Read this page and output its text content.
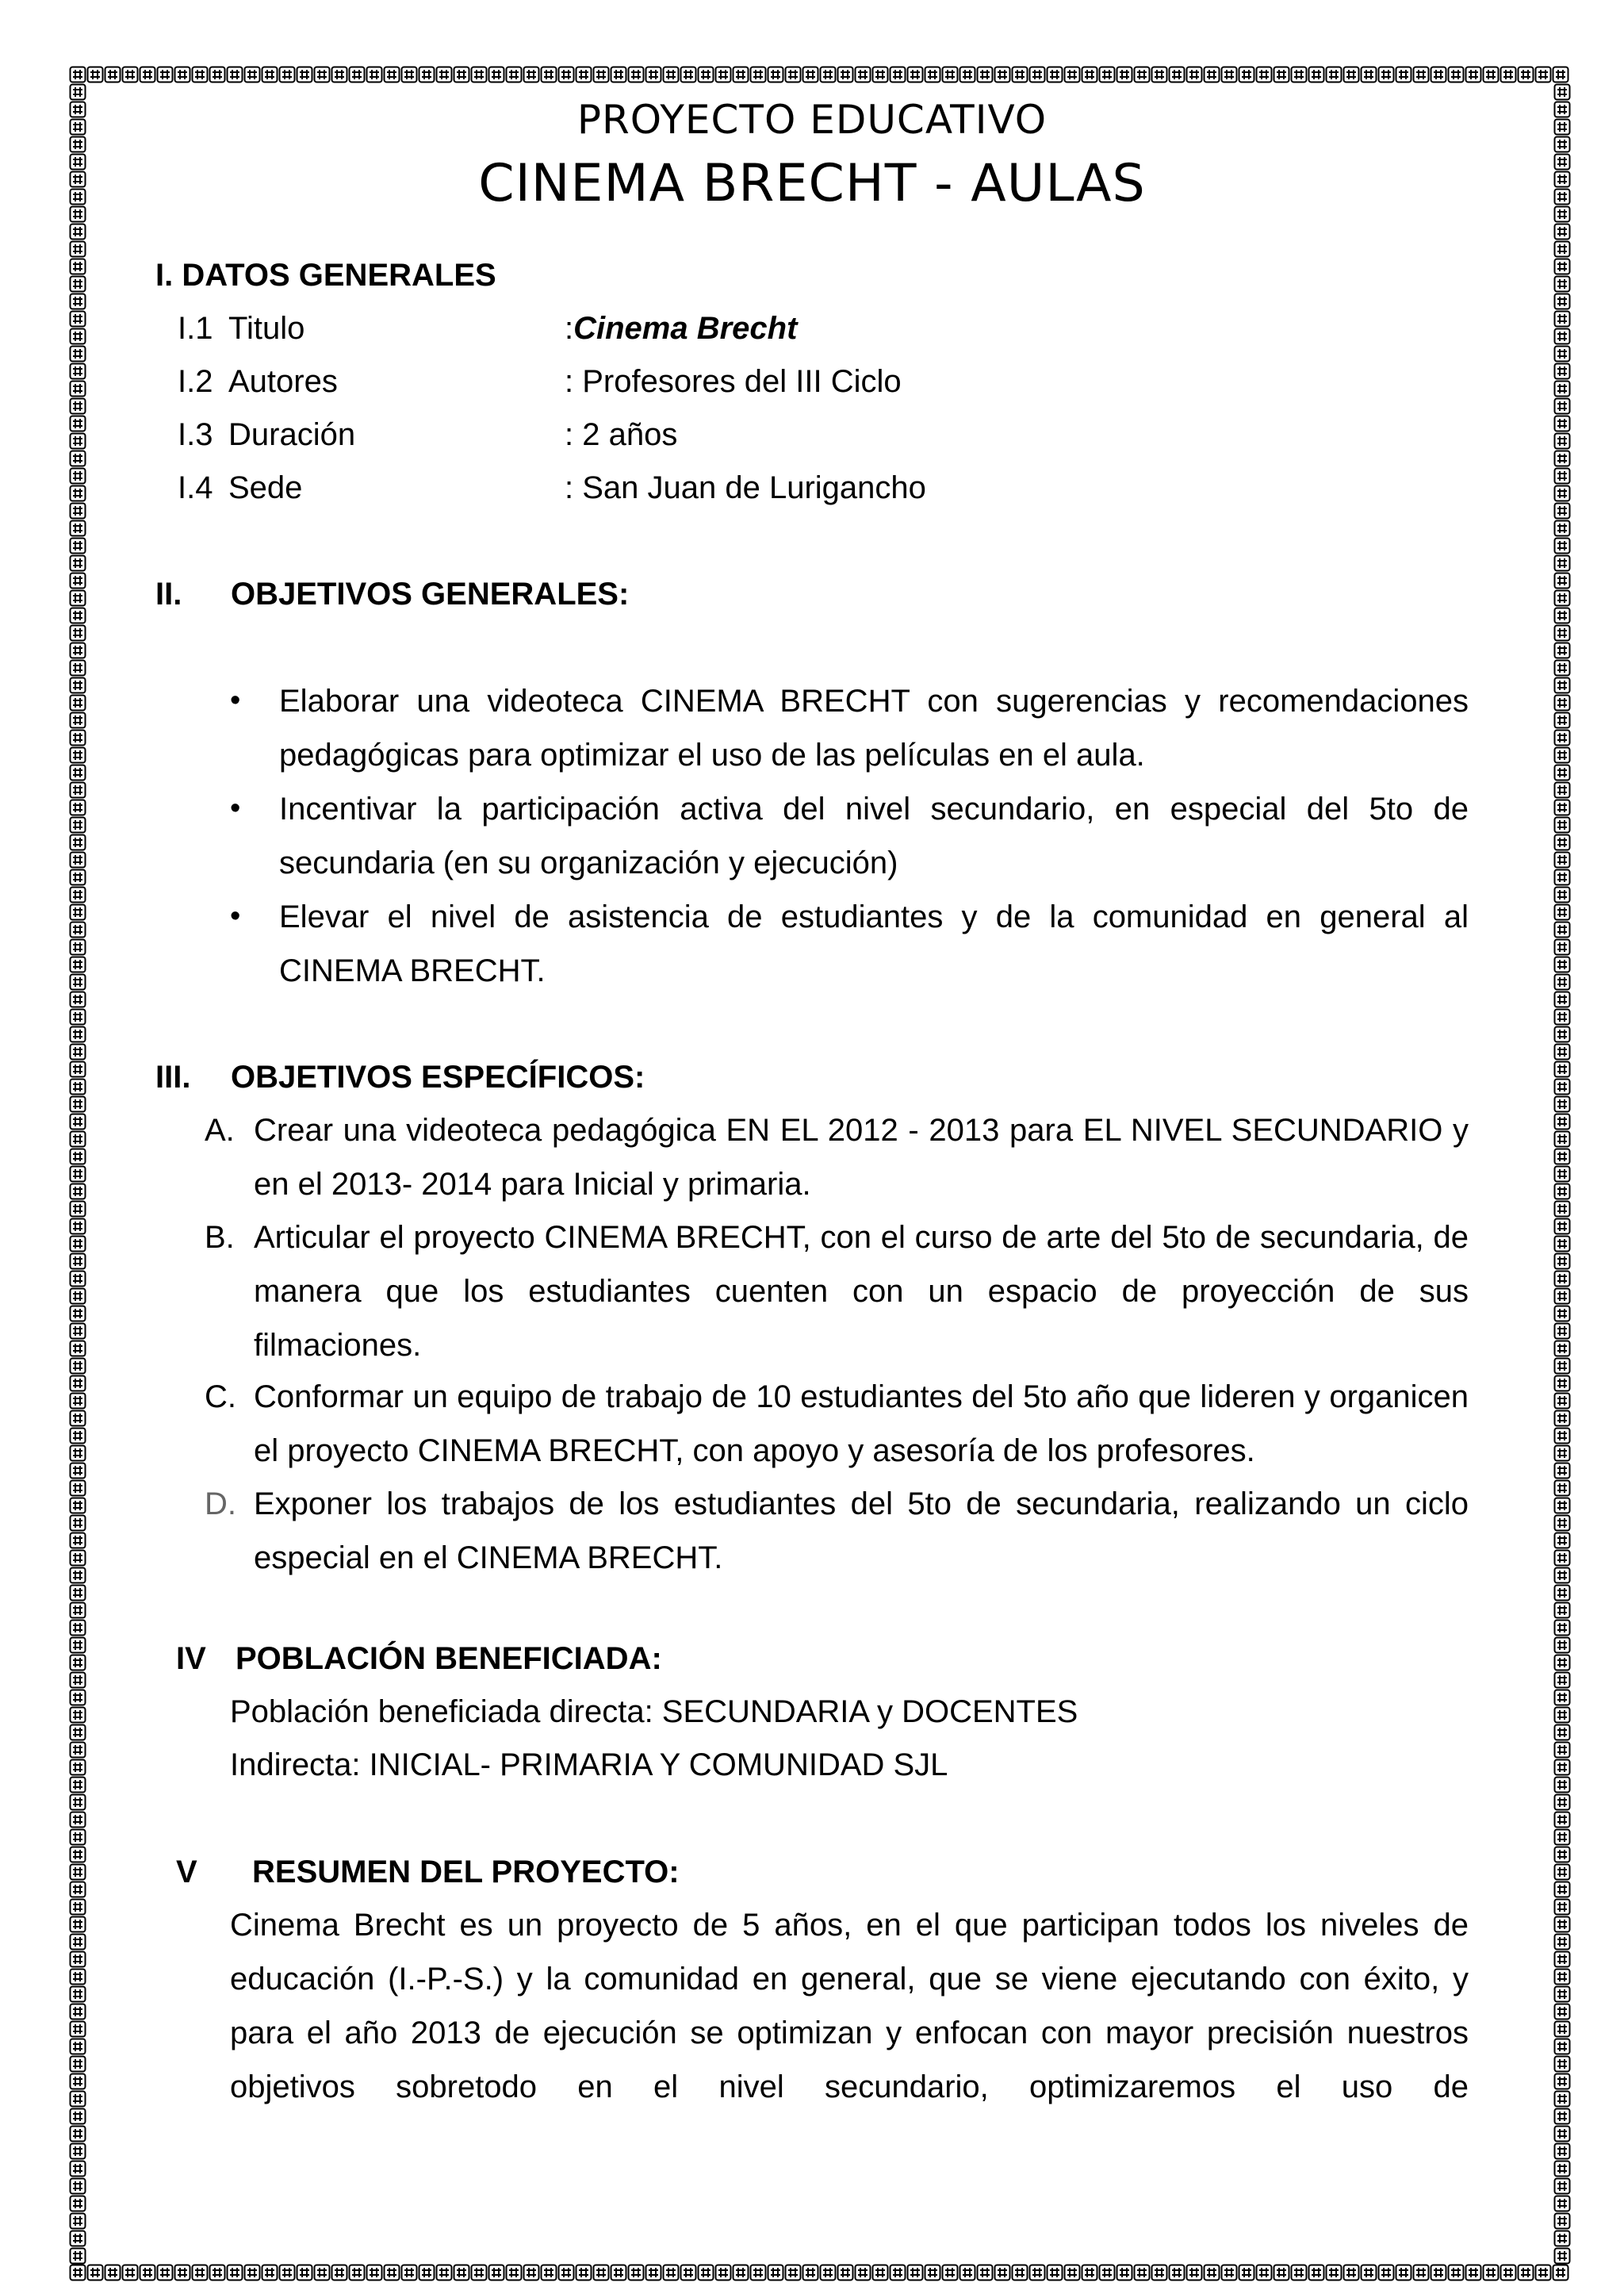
PROYECTO EDUCATIVO
CINEMA BRECHT - AULAS
I. DATOS GENERALES
I.1 Titulo	:Cinema Brecht
I.2 Autores	: Profesores del III Ciclo
I.3 Duración	: 2 años
I.4 Sede	: San Juan de Lurigancho
II. OBJETIVOS GENERALES:
• Elaborar una videoteca CINEMA BRECHT con sugerencias y recomendaciones pedagógicas para optimizar el uso de las películas en el aula.
• Incentivar la participación activa del nivel secundario, en especial del 5to de secundaria (en su organización y ejecución)
• Elevar el nivel de asistencia de estudiantes y de la comunidad en general al CINEMA BRECHT.
III. OBJETIVOS ESPECÍFICOS:
A. Crear una videoteca pedagógica EN EL 2012 - 2013 para EL NIVEL SECUNDARIO y en el 2013- 2014 para Inicial y primaria.
B. Articular el proyecto CINEMA BRECHT, con el curso de arte del 5to de secundaria, de manera que los estudiantes cuenten con un espacio de proyección de sus filmaciones.
C. Conformar un equipo de trabajo de 10 estudiantes del 5to año que lideren y organicen el proyecto CINEMA BRECHT, con apoyo y asesoría de los profesores.
D. Exponer los trabajos de los estudiantes del 5to de secundaria, realizando un ciclo especial en el CINEMA BRECHT.
IV POBLACIÓN BENEFICIADA:
Población beneficiada directa: SECUNDARIA y DOCENTES
Indirecta: INICIAL- PRIMARIA Y COMUNIDAD SJL
V RESUMEN DEL PROYECTO:
Cinema Brecht es un proyecto de 5 años, en el que participan todos los niveles de educación (I.-P.-S.) y la comunidad en general, que se viene ejecutando con éxito, y para el año 2013 de ejecución se optimizan y enfocan con mayor precisión nuestros objetivos sobretodo en el nivel secundario, optimizaremos el uso de
